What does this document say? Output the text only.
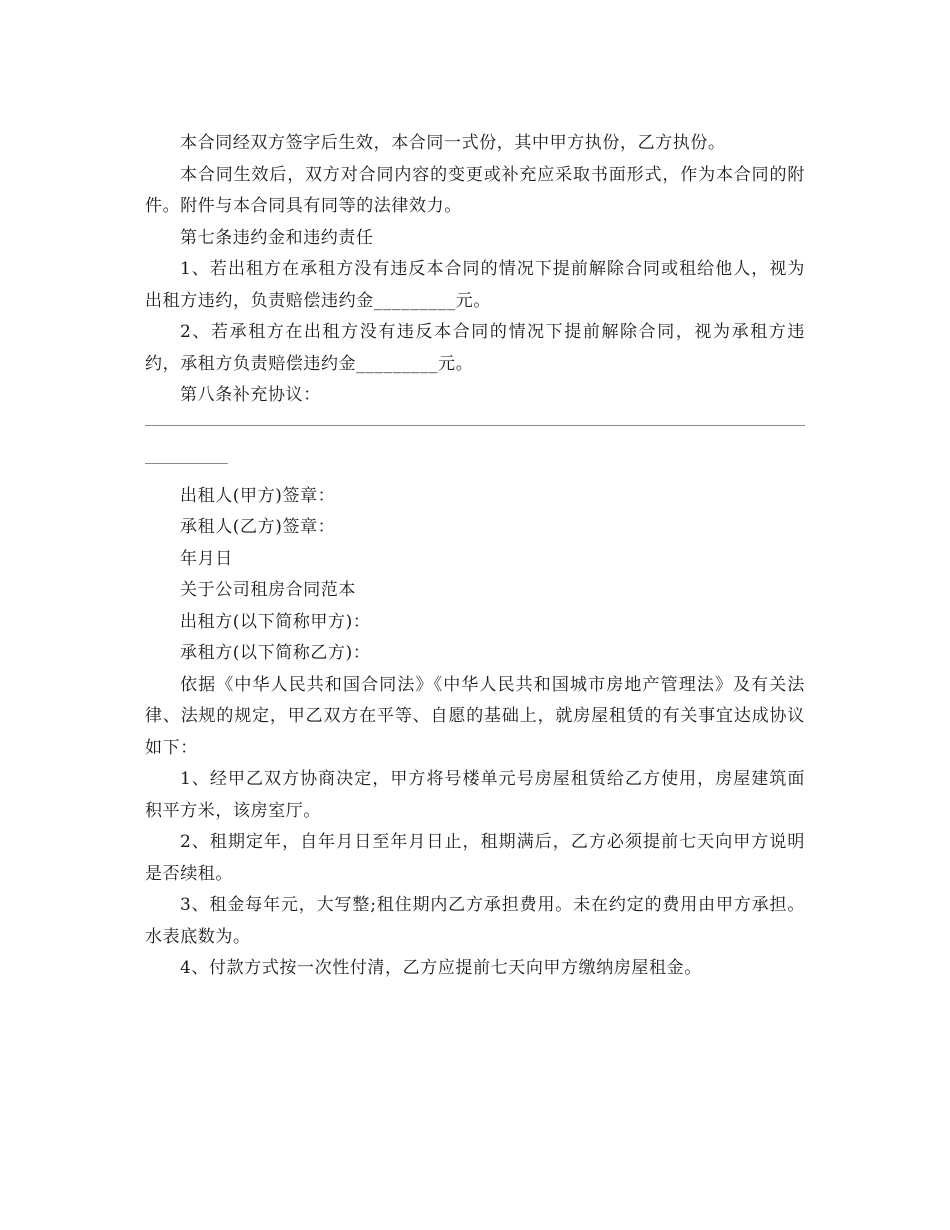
本合同经双方签字后生效，本合同一式份，其中甲方执份，乙方执份。

本合同生效后，双方对合同内容的变更或补充应采取书面形式，作为本合同的附件。附件与本合同具有同等的法律效力。

第七条违约金和违约责任

1、若出租方在承租方没有违反本合同的情况下提前解除合同或租给他人，视为出租方违约，负责赔偿违约金_________元。

2、若承租方在出租方没有违反本合同的情况下提前解除合同，视为承租方违约，承租方负责赔偿违约金_________元。

第八条补充协议：

出租人(甲方)签章：

承租人(乙方)签章：

年月日

关于公司租房合同范本

出租方(以下简称甲方)：

承租方(以下简称乙方)：

依据《中华人民共和国合同法》《中华人民共和国城市房地产管理法》及有关法律、法规的规定，甲乙双方在平等、自愿的基础上，就房屋租赁的有关事宜达成协议如下：

1、经甲乙双方协商决定，甲方将号楼单元号房屋租赁给乙方使用，房屋建筑面积平方米，该房室厅。

2、租期定年，自年月日至年月日止，租期满后，乙方必须提前七天向甲方说明是否续租。

3、租金每年元，大写整;租住期内乙方承担费用。未在约定的费用由甲方承担。水表底数为。

4、付款方式按一次性付清，乙方应提前七天向甲方缴纳房屋租金。
